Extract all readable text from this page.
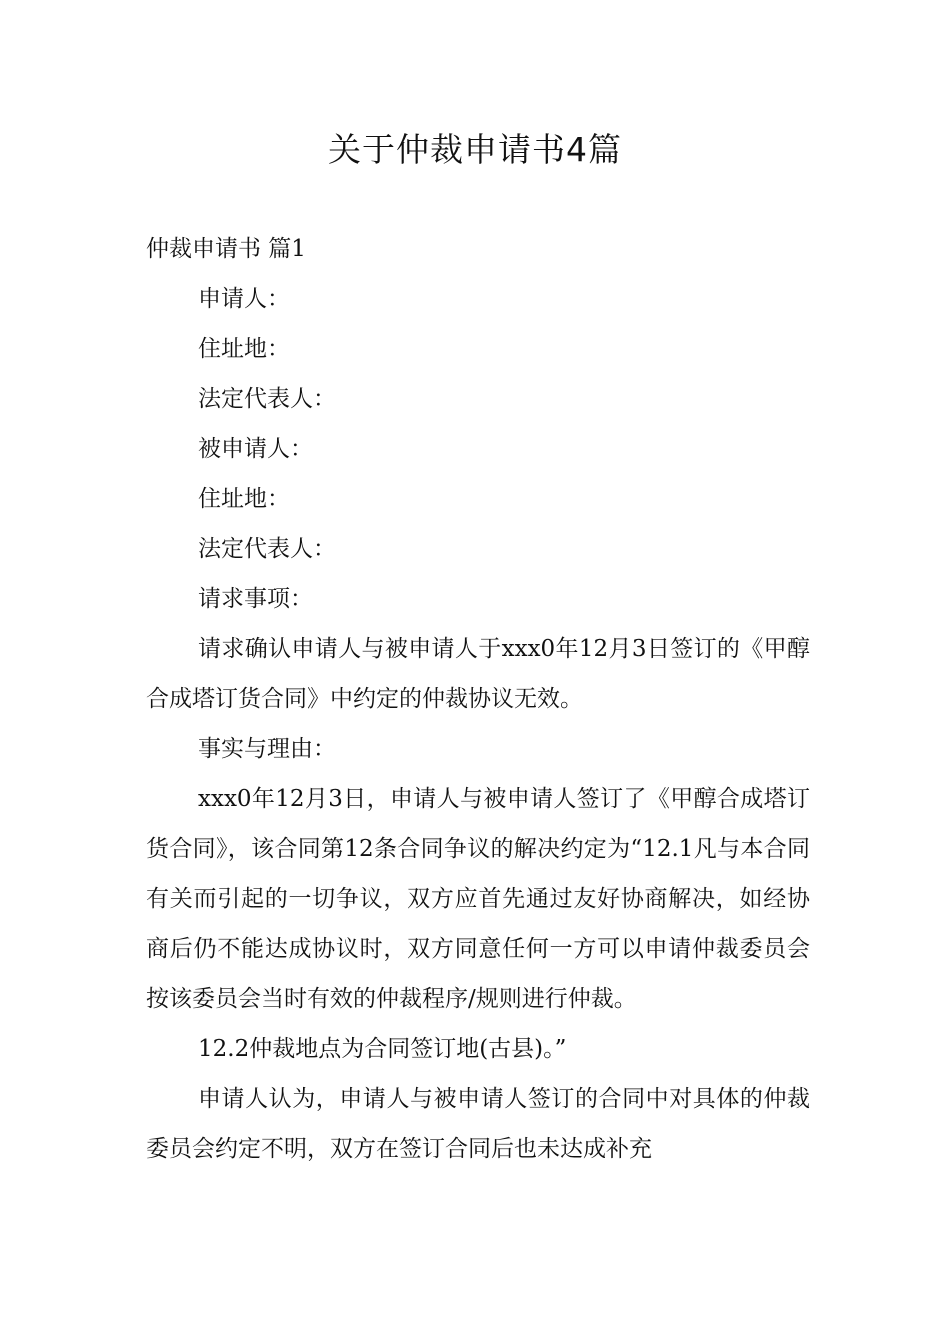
关于仲裁申请书4篇

仲裁申请书 篇1

申请人：

住址地：

法定代表人：

被申请人：

住址地：

法定代表人：

请求事项：

请求确认申请人与被申请人于xxx0年12月3日签订的《甲醇合成塔订货合同》中约定的仲裁协议无效。

事实与理由：

xxx0年12月3日，申请人与被申请人签订了《甲醇合成塔订货合同》，该合同第12条合同争议的解决约定为“12.1凡与本合同有关而引起的一切争议，双方应首先通过友好协商解决，如经协商后仍不能达成协议时，双方同意任何一方可以申请仲裁委员会按该委员会当时有效的仲裁程序/规则进行仲裁。

12.2仲裁地点为合同签订地(古县)。”

申请人认为，申请人与被申请人签订的合同中对具体的仲裁委员会约定不明，双方在签订合同后也未达成补充
